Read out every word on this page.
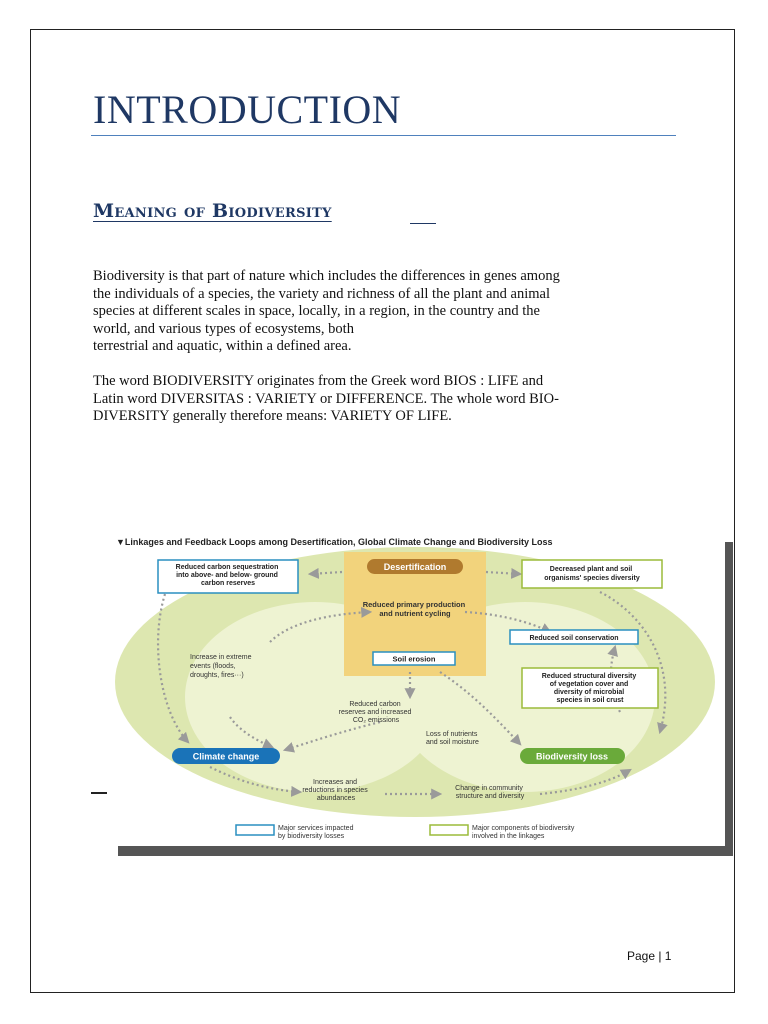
INTRODUCTION
Meaning of Biodiversity

Biodiversity is that part of nature which includes the differences in genes among
the individuals of a species, the variety and richness of all the plant and animal
species at different scales in space, locally, in a region, in the country and the
world, and various types of ecosystems, both
terrestrial and aquatic, within a defined area.

The word BIODIVERSITY originates from the Greek word BIOS : LIFE and
Latin word DIVERSITAS : VARIETY or DIFFERENCE. The whole word BIO-
DIVERSITY generally therefore means: VARIETY OF LIFE.

▼Linkages and Feedback Loops among Desertification, Global Climate Change and Biodiversity Loss
Desertification
Climate change	Biodiversity loss
Reduced primary production and nutrient cycling
Soil erosion
Reduced carbon sequestration into above- and below- ground carbon reserves
Decreased plant and soil organisms' species diversity
Reduced soil conservation
Reduced structural diversity of vegetation cover and diversity of microbial species in soil crust
Increase in extreme events (floods, droughts, fires···)
Reduced carbon reserves and increased CO₂ emissions
Loss of nutrients and soil moisture
Increases and reductions in species abundances
Change in community structure and diversity
Major services impacted by biodiversity losses
Major components of biodiversity involved in the linkages
Page | 1
